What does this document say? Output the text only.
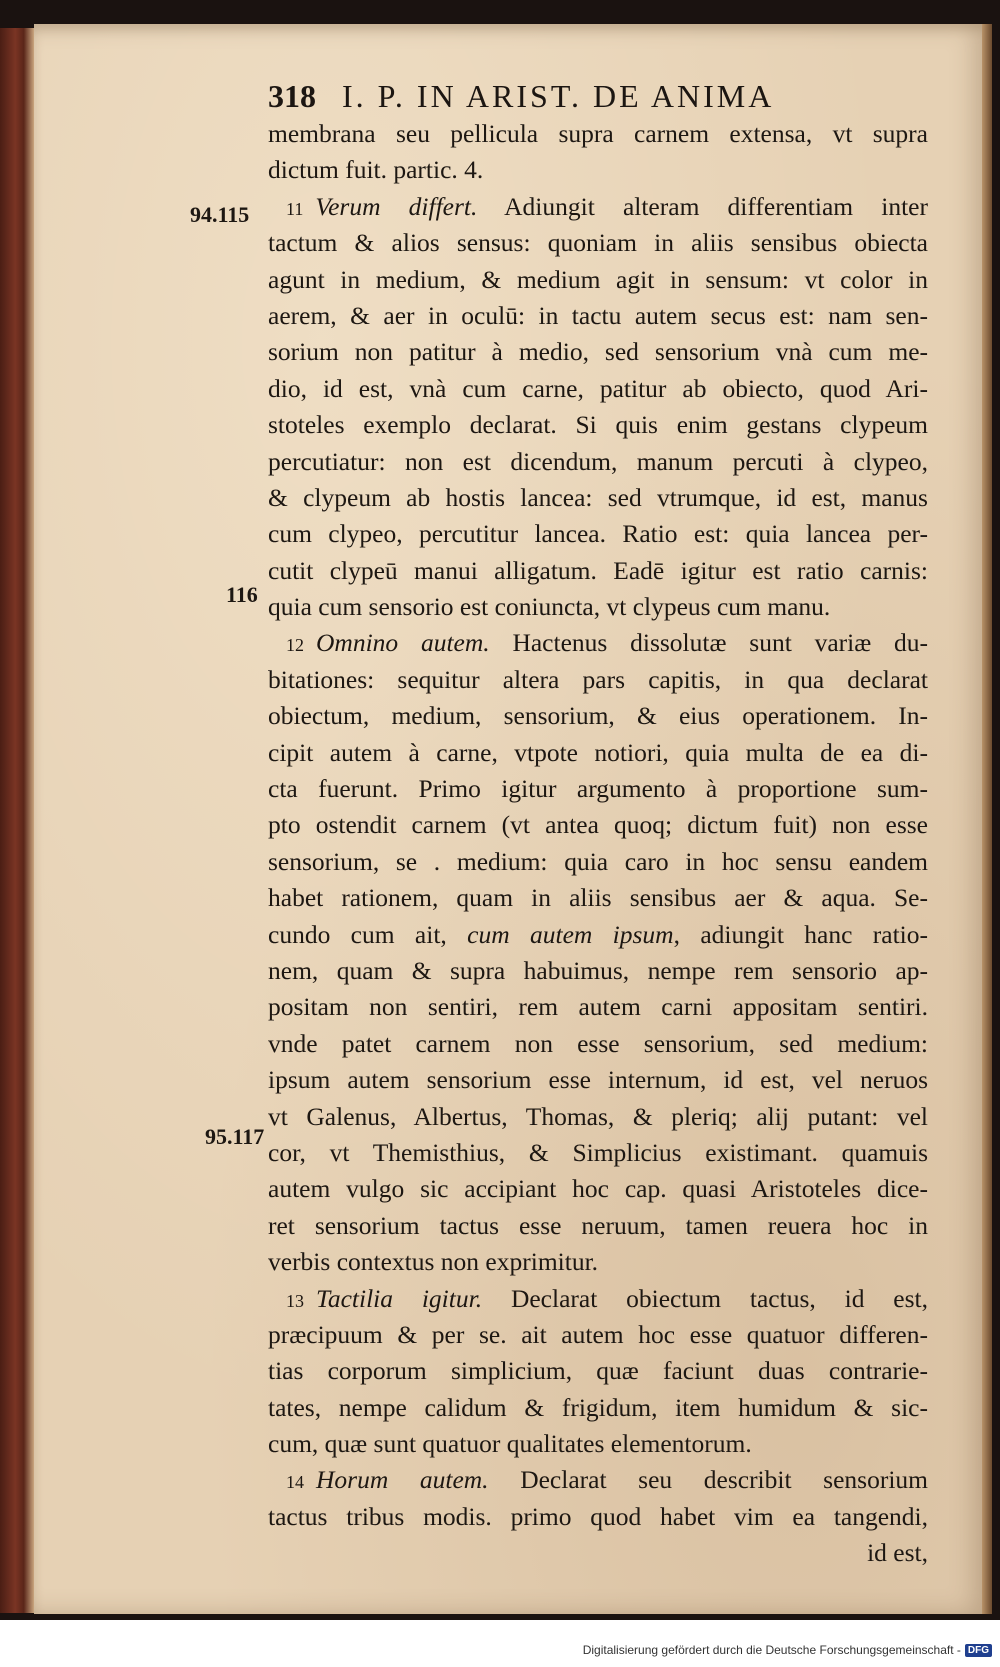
318 I. P. IN ARIST. DE ANIMA
94.115
116
95.117
membrana seu pellicula supra carnem extensa, vt supra
dictum fuit. partic. 4.
11 Verum differt. Adiungit alteram differentiam inter
tactum & alios sensus: quoniam in aliis sensibus obiecta
agunt in medium, & medium agit in sensum: vt color in
aerem, & aer in oculū: in tactu autem secus est: nam sen-
sorium non patitur à medio, sed sensorium vnà cum me-
dio, id est, vnà cum carne, patitur ab obiecto, quod Ari-
stoteles exemplo declarat. Si quis enim gestans clypeum
percutiatur: non est dicendum, manum percuti à clypeo,
& clypeum ab hostis lancea: sed vtrumque, id est, manus
cum clypeo, percutitur lancea. Ratio est: quia lancea per-
cutit clypeū manui alligatum. Eadē igitur est ratio carnis:
quia cum sensorio est coniuncta, vt clypeus cum manu.
12 Omnino autem. Hactenus dissolutæ sunt variæ du-
bitationes: sequitur altera pars capitis, in qua declarat
obiectum, medium, sensorium, & eius operationem. In-
cipit autem à carne, vtpote notiori, quia multa de ea di-
cta fuerunt. Primo igitur argumento à proportione sum-
pto ostendit carnem (vt antea quoq; dictum fuit) non esse
sensorium, se . medium: quia caro in hoc sensu eandem
habet rationem, quam in aliis sensibus aer & aqua. Se-
cundo cum ait, cum autem ipsum, adiungit hanc ratio-
nem, quam & supra habuimus, nempe rem sensorio ap-
positam non sentiri, rem autem carni appositam sentiri.
vnde patet carnem non esse sensorium, sed medium:
ipsum autem sensorium esse internum, id est, vel neruos
vt Galenus, Albertus, Thomas, & pleriq; alij putant: vel
cor, vt Themisthius, & Simplicius existimant. quamuis
autem vulgo sic accipiant hoc cap. quasi Aristoteles dice-
ret sensorium tactus esse neruum, tamen reuera hoc in
verbis contextus non exprimitur.
13 Tactilia igitur. Declarat obiectum tactus, id est,
præcipuum & per se. ait autem hoc esse quatuor differen-
tias corporum simplicium, quæ faciunt duas contrarie-
tates, nempe calidum & frigidum, item humidum & sic-
cum, quæ sunt quatuor qualitates elementorum.
14 Horum autem. Declarat seu describit sensorium
tactus tribus modis. primo quod habet vim ea tangendi,
id est,
Digitalisierung gefördert durch die Deutsche Forschungsgemeinschaft - DFG
